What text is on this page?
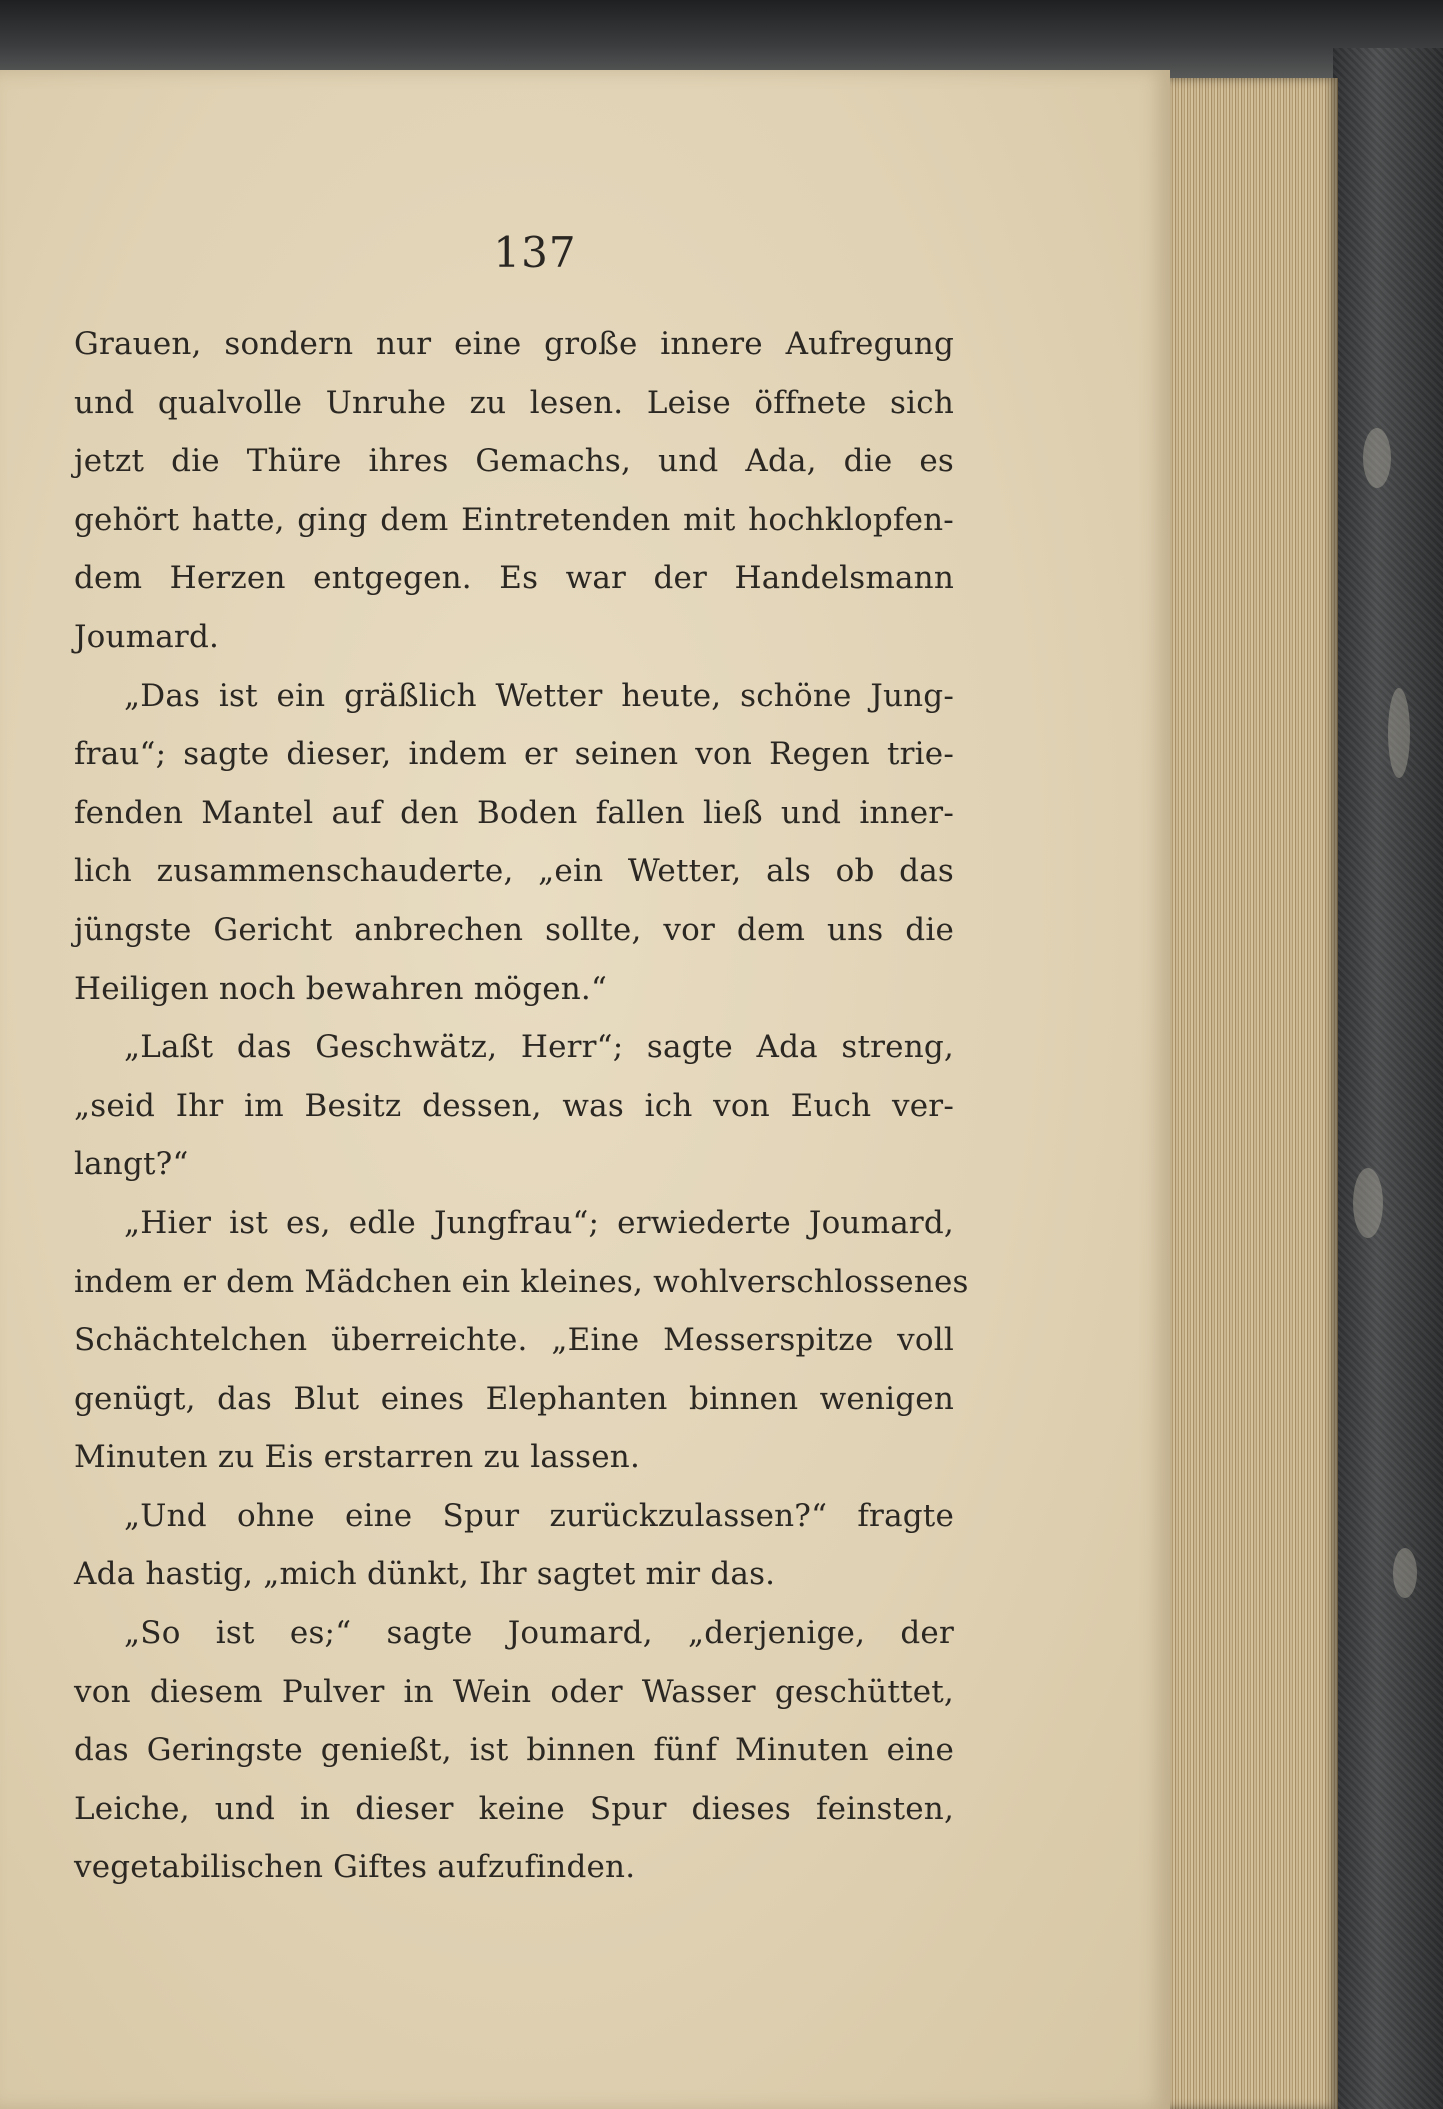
137
Grauen, sondern nur eine große innere Aufregung
und qualvolle Unruhe zu lesen. Leise öffnete sich
jetzt die Thüre ihres Gemachs, und Ada, die es
gehört hatte, ging dem Eintretenden mit hochklopfen-
dem Herzen entgegen. Es war der Handelsmann
Joumard.
„Das ist ein gräßlich Wetter heute, schöne Jung-
frau“; sagte dieser, indem er seinen von Regen trie-
fenden Mantel auf den Boden fallen ließ und inner-
lich zusammenschauderte, „ein Wetter, als ob das
jüngste Gericht anbrechen sollte, vor dem uns die
Heiligen noch bewahren mögen.“
„Laßt das Geschwätz, Herr“; sagte Ada streng,
„seid Ihr im Besitz dessen, was ich von Euch ver-
langt?“
„Hier ist es, edle Jungfrau“; erwiederte Joumard,
indem er dem Mädchen ein kleines, wohlverschlossenes
Schächtelchen überreichte. „Eine Messerspitze voll
genügt, das Blut eines Elephanten binnen wenigen
Minuten zu Eis erstarren zu lassen.
„Und ohne eine Spur zurückzulassen?“ fragte
Ada hastig, „mich dünkt, Ihr sagtet mir das.
„So ist es;“ sagte Joumard, „derjenige, der
von diesem Pulver in Wein oder Wasser geschüttet,
das Geringste genießt, ist binnen fünf Minuten eine
Leiche, und in dieser keine Spur dieses feinsten,
vegetabilischen Giftes aufzufinden.
